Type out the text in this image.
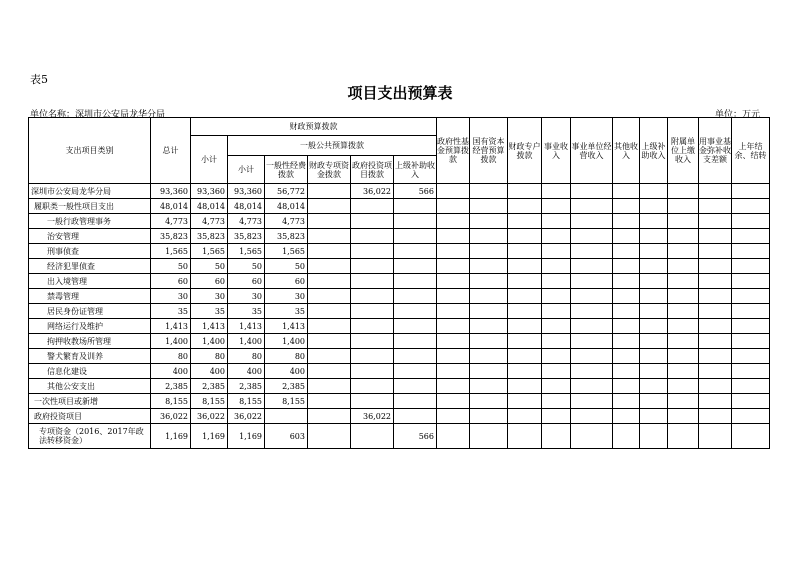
表5
项目支出预算表
单位名称：深圳市公安局龙华分局	单位：万元
支出项目类别	总计	财政预算拨款						政府性基金预算拨款	国有资本经营预算拨款	财政专户拨款	事业收入	事业单位经营收入	其他收入	上级补助收入	附属单位上缴收入	用事业基金弥补收支差额	上年结余、结转
		小计	一般公共预算拨款														
			小计	一般性经费拨款	财政专项资金拨款	政府投资项目拨款	上级补助收入										
深圳市公安局龙华分局	93,360	93,360	93,360	56,772		36,022	566										
履职类一般性项目支出	48,014	48,014	48,014	48,014													
一般行政管理事务	4,773	4,773	4,773	4,773													
治安管理	35,823	35,823	35,823	35,823													
刑事侦查	1,565	1,565	1,565	1,565													
经济犯罪侦查	50	50	50	50													
出入境管理	60	60	60	60													
禁毒管理	30	30	30	30													
居民身份证管理	35	35	35	35													
网络运行及维护	1,413	1,413	1,413	1,413													
拘押收教场所管理	1,400	1,400	1,400	1,400													
警犬繁育及训养	80	80	80	80													
信息化建设	400	400	400	400													
其他公安支出	2,385	2,385	2,385	2,385													
一次性项目或新增	8,155	8,155	8,155	8,155													
政府投资项目	36,022	36,022	36,022			36,022											
专项资金（2016、2017年政法转移资金）	1,169	1,169	1,169	603			566										
